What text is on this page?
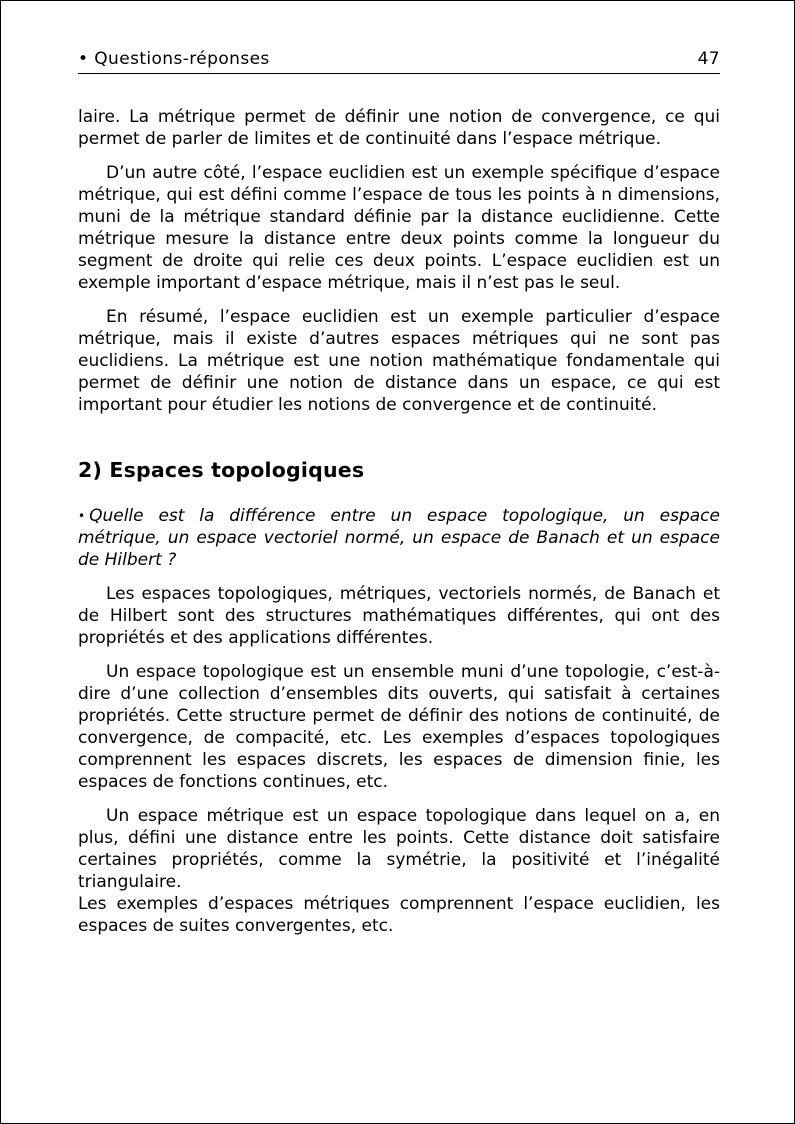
• Questions-réponses	47

laire. La métrique permet de définir une notion de convergence, ce qui permet de parler de limites et de continuité dans l’espace métrique.

D’un autre côté, l’espace euclidien est un exemple spécifique d’espace métrique, qui est défini comme l’espace de tous les points à n dimensions, muni de la métrique standard définie par la distance euclidienne. Cette métrique mesure la distance entre deux points comme la longueur du segment de droite qui relie ces deux points. L’espace euclidien est un exemple important d’espace métrique, mais il n’est pas le seul.

En résumé, l’espace euclidien est un exemple particulier d’espace métrique, mais il existe d’autres espaces métriques qui ne sont pas euclidiens. La métrique est une notion mathématique fondamentale qui permet de définir une notion de distance dans un espace, ce qui est important pour étudier les notions de convergence et de continuité.

2) Espaces topologiques

• Quelle est la différence entre un espace topologique, un espace métrique, un espace vectoriel normé, un espace de Banach et un espace de Hilbert ?

Les espaces topologiques, métriques, vectoriels normés, de Banach et de Hilbert sont des structures mathématiques différentes, qui ont des propriétés et des applications différentes.

Un espace topologique est un ensemble muni d’une topologie, c’est-à-dire d’une collection d’ensembles dits ouverts, qui satisfait à certaines propriétés. Cette structure permet de définir des notions de continuité, de convergence, de compacité, etc. Les exemples d’espaces topologiques comprennent les espaces discrets, les espaces de dimension finie, les espaces de fonctions continues, etc.

Un espace métrique est un espace topologique dans lequel on a, en plus, défini une distance entre les points. Cette distance doit satisfaire certaines propriétés, comme la symétrie, la positivité et l’inégalité triangulaire.

Les exemples d’espaces métriques comprennent l’espace euclidien, les espaces de suites convergentes, etc.
